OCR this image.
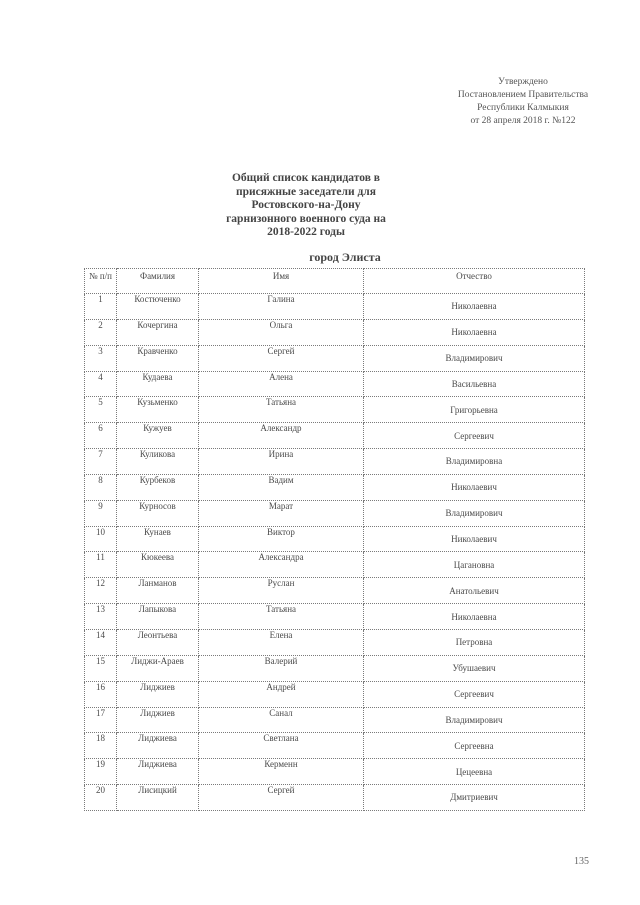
Утверждено
Постановлением Правительства
Республики Калмыкия
от 28 апреля 2018 г. №122
Общий список кандидатов в
присяжные заседатели для
Ростовского-на-Дону
гарнизонного военного суда на
2018-2022 годы
город Элиста
№ п/п	Фамилия	Имя	Отчество
1	Костюченко	Галина	Николаевна
2	Кочергина	Ольга	Николаевна
3	Кравченко	Сергей	Владимирович
4	Кудаева	Алена	Васильевна
5	Кузьменко	Татьяна	Григорьевна
6	Кужуев	Александр	Сергеевич
7	Куликова	Ирина	Владимировна
8	Курбеков	Вадим	Николаевич
9	Курносов	Марат	Владимирович
10	Кунаев	Виктор	Николаевич
11	Кюкеева	Александра	Цагановна
12	Ланманов	Руслан	Анатольевич
13	Лапыкова	Татьяна	Николаевна
14	Леонтьева	Елена	Петровна
15	Лиджи-Араев	Валерий	Убушаевич
16	Лиджиев	Андрей	Сергеевич
17	Лиджиев	Санал	Владимирович
18	Лиджиева	Светлана	Сергеевна
19	Лиджиева	Керменн	Цецеевна
20	Лисицкий	Сергей	Дмитриевич
135
